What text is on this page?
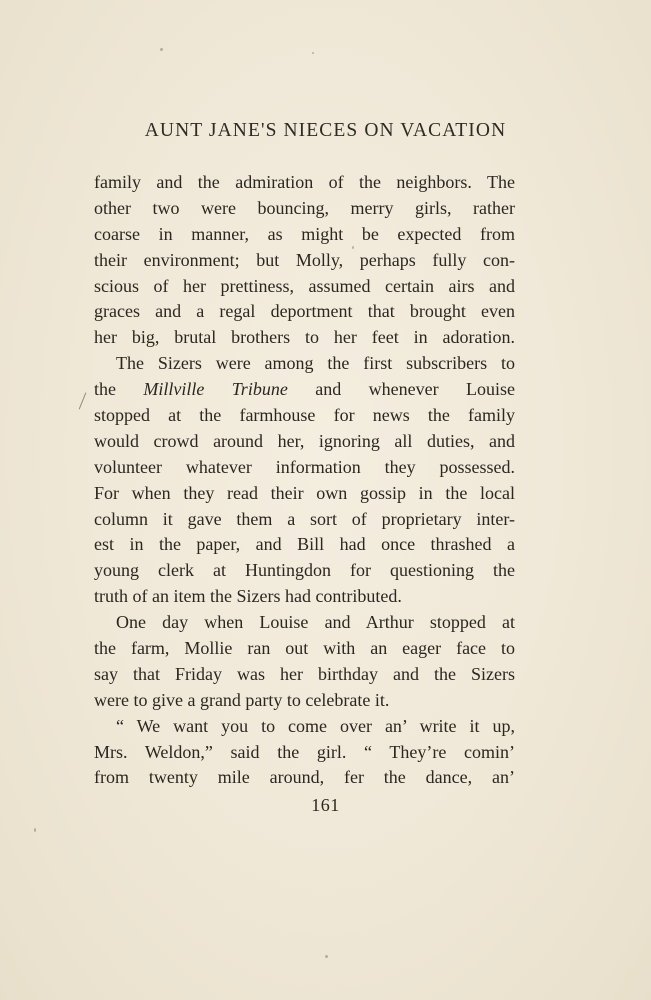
AUNT JANE'S NIECES ON VACATION
family and the admiration of the neighbors. The
other two were bouncing, merry girls, rather
coarse in manner, as might be expected from
their environment; but Molly, perhaps fully con-
scious of her prettiness, assumed certain airs and
graces and a regal deportment that brought even
her big, brutal brothers to her feet in adoration.
The Sizers were among the first subscribers to
the Millville Tribune and whenever Louise
stopped at the farmhouse for news the family
would crowd around her, ignoring all duties, and
volunteer whatever information they possessed.
For when they read their own gossip in the local
column it gave them a sort of proprietary inter-
est in the paper, and Bill had once thrashed a
young clerk at Huntingdon for questioning the
truth of an item the Sizers had contributed.
One day when Louise and Arthur stopped at
the farm, Mollie ran out with an eager face to
say that Friday was her birthday and the Sizers
were to give a grand party to celebrate it.
“ We want you to come over an’ write it up,
Mrs. Weldon,” said the girl. “ They’re comin’
from twenty mile around, fer the dance, an’
161
